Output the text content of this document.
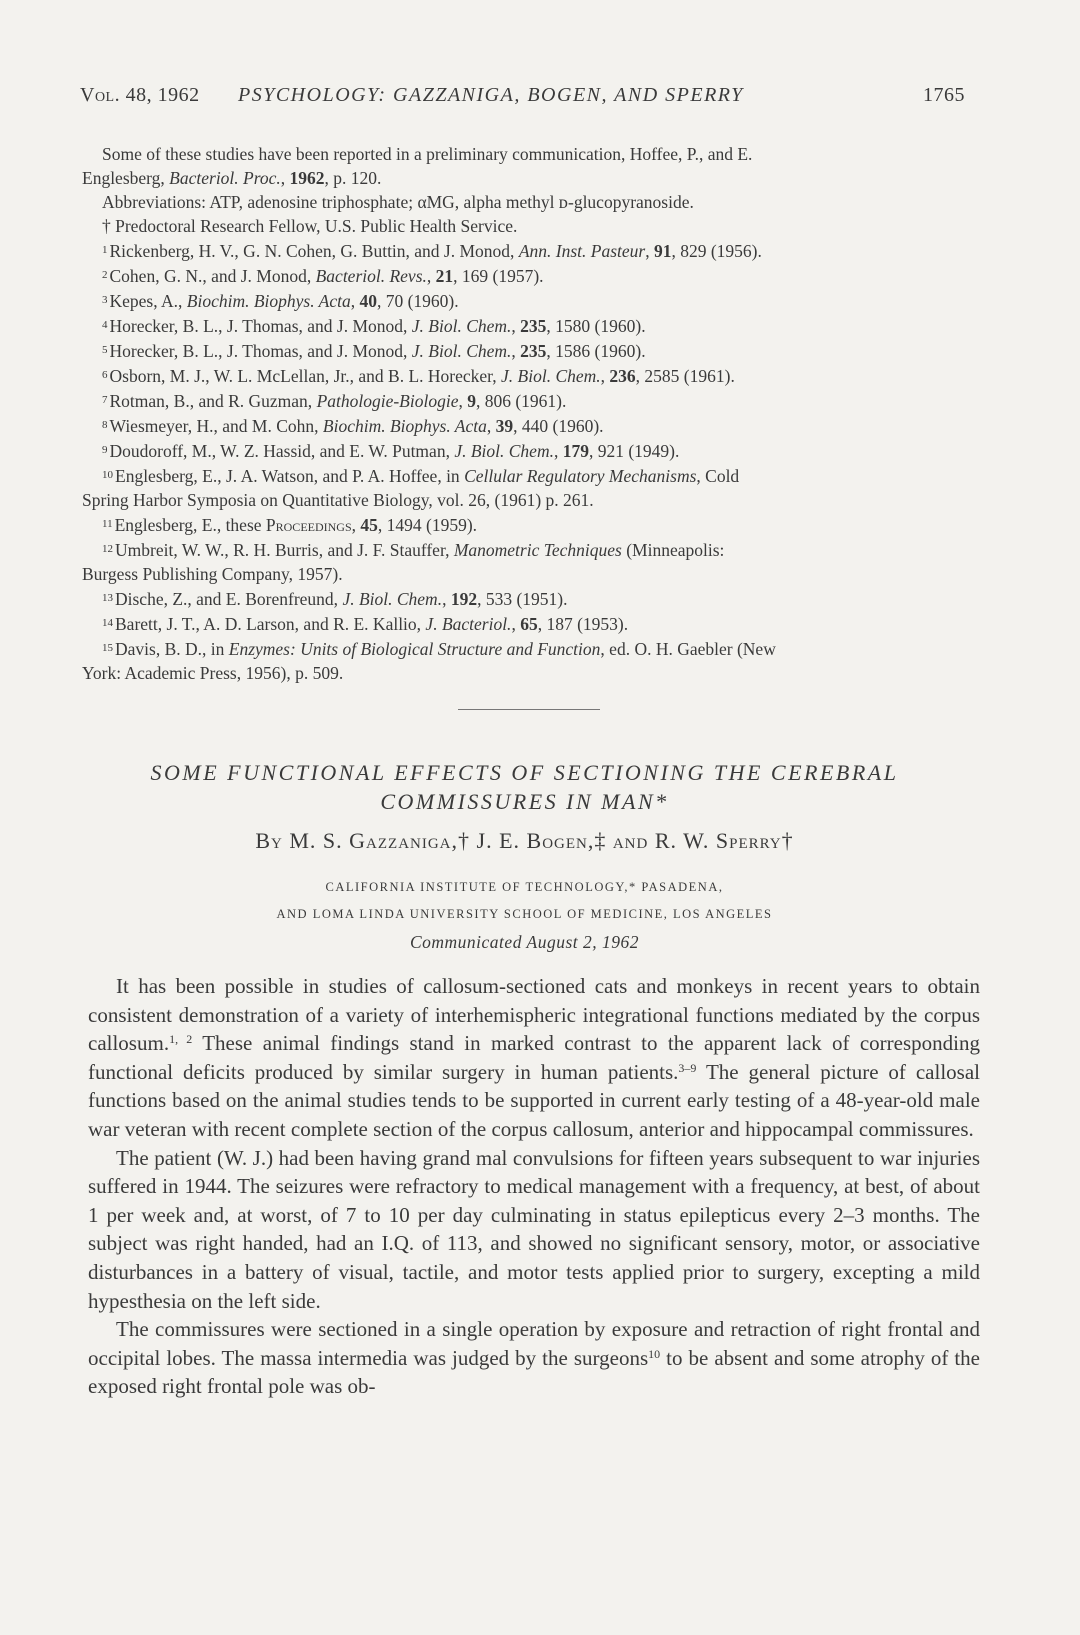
Vol. 48, 1962 PSYCHOLOGY: GAZZANIGA, BOGEN, AND SPERRY	1765
Some of these studies have been reported in a preliminary communication, Hoffee, P., and E.
Englesberg, Bacteriol. Proc., 1962, p. 120.
Abbreviations: ATP, adenosine triphosphate; αMG, alpha methyl ᴅ-glucopyranoside.
† Predoctoral Research Fellow, U.S. Public Health Service.
$^1$ Rickenberg, H. V., G. N. Cohen, G. Buttin, and J. Monod, Ann. Inst. Pasteur, 91, 829 (1956).
$^2$ Cohen, G. N., and J. Monod, Bacteriol. Revs., 21, 169 (1957).
$^3$ Kepes, A., Biochim. Biophys. Acta, 40, 70 (1960).
$^4$ Horecker, B. L., J. Thomas, and J. Monod, J. Biol. Chem., 235, 1580 (1960).
$^5$ Horecker, B. L., J. Thomas, and J. Monod, J. Biol. Chem., 235, 1586 (1960).
$^6$ Osborn, M. J., W. L. McLellan, Jr., and B. L. Horecker, J. Biol. Chem., 236, 2585 (1961).
$^7$ Rotman, B., and R. Guzman, Pathologie-Biologie, 9, 806 (1961).
$^8$ Wiesmeyer, H., and M. Cohn, Biochim. Biophys. Acta, 39, 440 (1960).
$^9$ Doudoroff, M., W. Z. Hassid, and E. W. Putman, J. Biol. Chem., 179, 921 (1949).
$^{10}$ Englesberg, E., J. A. Watson, and P. A. Hoffee, in Cellular Regulatory Mechanisms, Cold
Spring Harbor Symposia on Quantitative Biology, vol. 26, (1961) p. 261.
$^{11}$ Englesberg, E., these Proceedings, 45, 1494 (1959).
$^{12}$ Umbreit, W. W., R. H. Burris, and J. F. Stauffer, Manometric Techniques (Minneapolis:
Burgess Publishing Company, 1957).
$^{13}$ Dische, Z., and E. Borenfreund, J. Biol. Chem., 192, 533 (1951).
$^{14}$ Barett, J. T., A. D. Larson, and R. E. Kallio, J. Bacteriol., 65, 187 (1953).
$^{15}$ Davis, B. D., in Enzymes: Units of Biological Structure and Function, ed. O. H. Gaebler (New
York: Academic Press, 1956), p. 509.
SOME FUNCTIONAL EFFECTS OF SECTIONING THE CEREBRAL
COMMISSURES IN MAN*
By M. S. Gazzaniga,† J. E. Bogen,‡ and R. W. Sperry†
CALIFORNIA INSTITUTE OF TECHNOLOGY,* PASADENA,
AND LOMA LINDA UNIVERSITY SCHOOL OF MEDICINE, LOS ANGELES
Communicated August 2, 1962

It has been possible in studies of callosum-sectioned cats and monkeys in recent years to obtain consistent demonstration of a variety of interhemispheric integrational functions mediated by the corpus callosum.$^{1, 2}$ These animal findings stand in marked contrast to the apparent lack of corresponding functional deficits produced by similar surgery in human patients.$^{3-9}$ The general picture of callosal functions based on the animal studies tends to be supported in current early testing of a 48-year-old male war veteran with recent complete section of the corpus callosum, anterior and hippocampal commissures.

The patient (W. J.) had been having grand mal convulsions for fifteen years subsequent to war injuries suffered in 1944. The seizures were refractory to medical management with a frequency, at best, of about 1 per week and, at worst, of 7 to 10 per day culminating in status epilepticus every 2–3 months. The subject was right handed, had an I.Q. of 113, and showed no significant sensory, motor, or associative disturbances in a battery of visual, tactile, and motor tests applied prior to surgery, excepting a mild hypesthesia on the left side.

The commissures were sectioned in a single operation by exposure and retraction of right frontal and occipital lobes. The massa intermedia was judged by the surgeons$^{10}$ to be absent and some atrophy of the exposed right frontal pole was ob-
